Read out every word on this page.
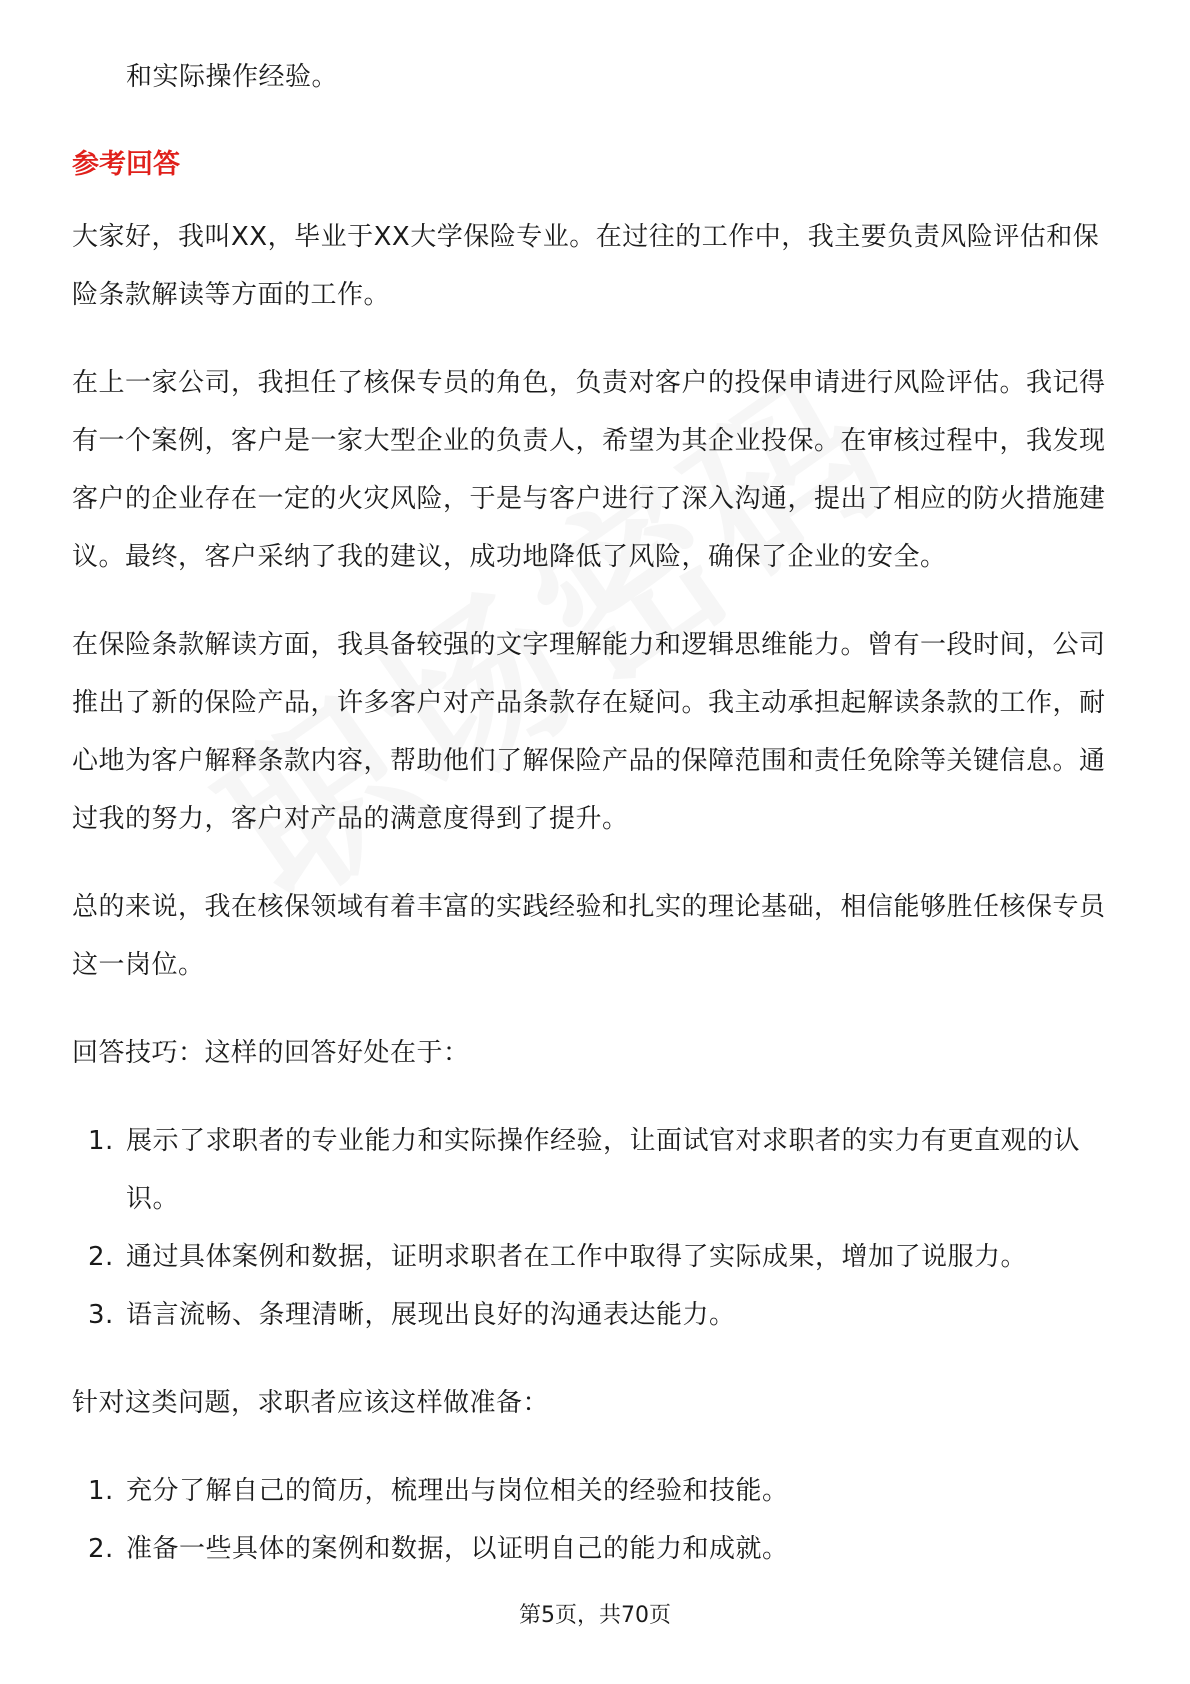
和实际操作经验。

参考回答

大家好，我叫XX，毕业于XX大学保险专业。在过往的工作中，我主要负责风险评估和保险条款解读等方面的工作。

在上一家公司，我担任了核保专员的角色，负责对客户的投保申请进行风险评估。我记得有一个案例，客户是一家大型企业的负责人，希望为其企业投保。在审核过程中，我发现客户的企业存在一定的火灾风险，于是与客户进行了深入沟通，提出了相应的防火措施建议。最终，客户采纳了我的建议，成功地降低了风险，确保了企业的安全。

在保险条款解读方面，我具备较强的文字理解能力和逻辑思维能力。曾有一段时间，公司推出了新的保险产品，许多客户对产品条款存在疑问。我主动承担起解读条款的工作，耐心地为客户解释条款内容，帮助他们了解保险产品的保障范围和责任免除等关键信息。通过我的努力，客户对产品的满意度得到了提升。

总的来说，我在核保领域有着丰富的实践经验和扎实的理论基础，相信能够胜任核保专员这一岗位。

回答技巧：这样的回答好处在于：

1. 展示了求职者的专业能力和实际操作经验，让面试官对求职者的实力有更直观的认识。
2. 通过具体案例和数据，证明求职者在工作中取得了实际成果，增加了说服力。
3. 语言流畅、条理清晰，展现出良好的沟通表达能力。

针对这类问题，求职者应该这样做准备：

1. 充分了解自己的简历，梳理出与岗位相关的经验和技能。
2. 准备一些具体的案例和数据，以证明自己的能力和成就。
第5页，共70页
